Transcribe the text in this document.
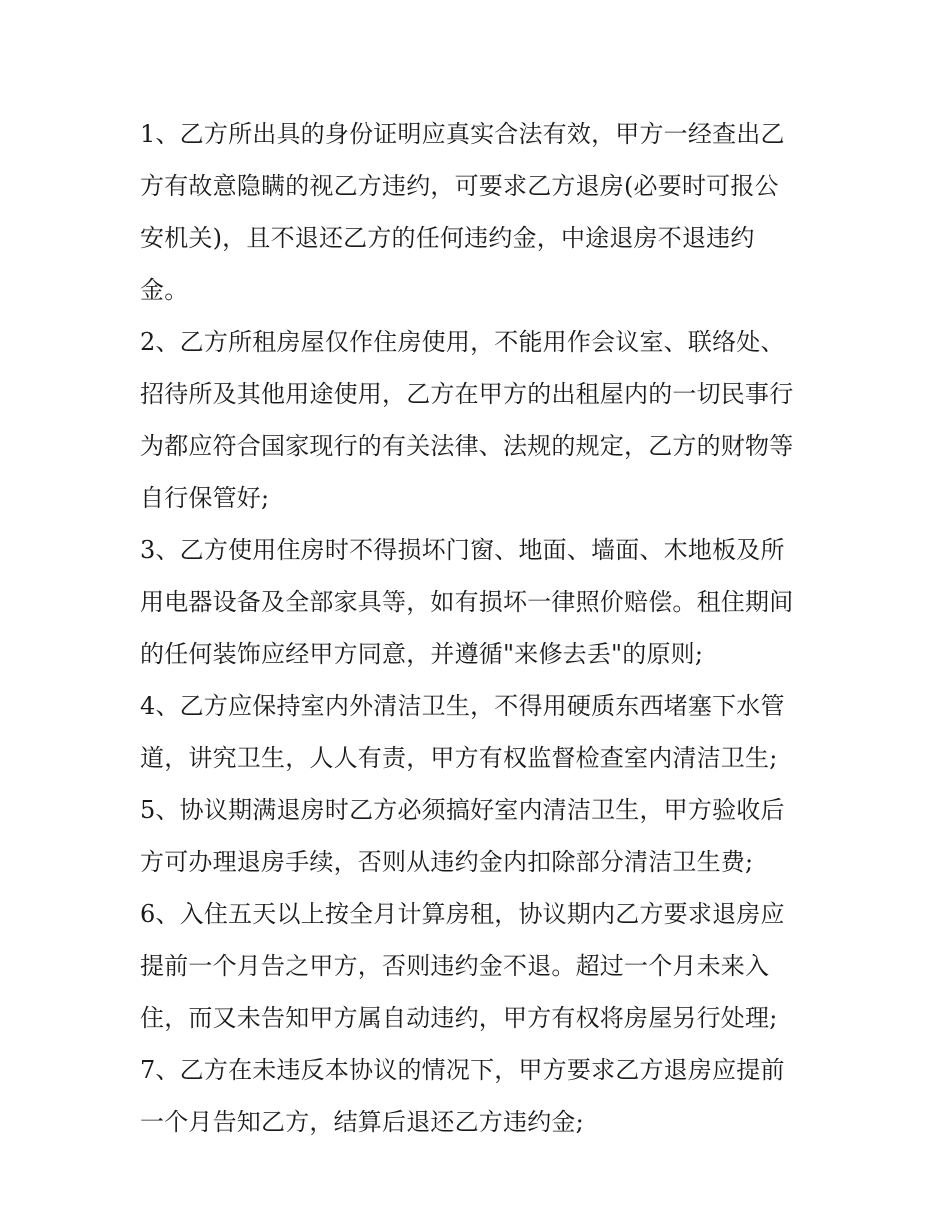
1、乙方所出具的身份证明应真实合法有效，甲方一经查出乙
方有故意隐瞒的视乙方违约，可要求乙方退房(必要时可报公
安机关)，且不退还乙方的任何违约金，中途退房不退违约
金。
2、乙方所租房屋仅作住房使用，不能用作会议室、联络处、
招待所及其他用途使用，乙方在甲方的出租屋内的一切民事行
为都应符合国家现行的有关法律、法规的规定，乙方的财物等
自行保管好;
3、乙方使用住房时不得损坏门窗、地面、墙面、木地板及所
用电器设备及全部家具等，如有损坏一律照价赔偿。租住期间
的任何装饰应经甲方同意，并遵循"来修去丢"的原则;
4、乙方应保持室内外清洁卫生，不得用硬质东西堵塞下水管
道，讲究卫生，人人有责，甲方有权监督检查室内清洁卫生;
5、协议期满退房时乙方必须搞好室内清洁卫生，甲方验收后
方可办理退房手续，否则从违约金内扣除部分清洁卫生费;
6、入住五天以上按全月计算房租，协议期内乙方要求退房应
提前一个月告之甲方，否则违约金不退。超过一个月未来入
住，而又未告知甲方属自动违约，甲方有权将房屋另行处理;
7、乙方在未违反本协议的情况下，甲方要求乙方退房应提前
一个月告知乙方，结算后退还乙方违约金;
